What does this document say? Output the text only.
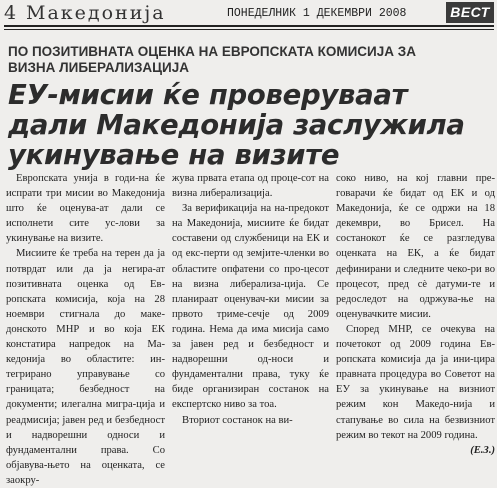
4 Македонија	ПОНЕДЕЛНИК 1 ДЕКЕМВРИ 2008	ВЕСТ
ПО ПОЗИТИВНАТА ОЦЕНКА НА ЕВРОПСКАТА КОМИСИЈА ЗА
ВИЗНА ЛИБЕРАЛИЗАЦИЈА
ЕУ-мисии ќе проверуваат
дали Македонија заслужила
укинување на визите

Европската унија в годи-на ќе испрати три мисии во Македонија што ќе оценува-ат дали се исполнети сите ус-лови за укинување на визите.

Мисиите ќе треба на терен да ја потврдат или да ја негира-ат позитивната оценка од Ев-ропската комисија, која на 28 ноември стигнала до маке-донското МНР и во која ЕК констатира напредок на Ма-кедонија во областите: ин-тегрирано управување со границата; безбедност на документи; илегална мигра-ција и реадмисија; јавен ред и безбедност и надворешни односи и фундаментални права. Со објавува-њето на оценката, се заокру-

жува првата етапа од проце-сот на визна либерализација.

За верификација на на-предокот на Македонија, мисиите ќе бидат составени од службеници на ЕК и од екс-перти од земјите-членки во областите опфатени со про-цесот на визна либерализа-ција. Се планираат оценувач-ки мисии за првото триме-сечје од 2009 година. Нема да има мисија само за јавен ред и безбедност и надворешни од-носи и фундаментални права, туку ќе биде организиран состанок на експертско ниво за тоа.

Вториот состанок на ви-

соко ниво, на кој главни пре-говарачи ќе бидат од ЕК и од Македонија, ќе се одржи на 18 декември, во Брисел. На состанокот ќе се разгледува оценката на ЕК, а ќе бидат дефинирани и следните чеко-ри во процесот, пред сè датуми-те и редоследот на одржува-ње на оценувачките мисии.

Според МНР, се очекува на почетокот од 2009 година Ев-ропската комисија да ја ини-цира правната процедура во Советот на ЕУ за укинување на визниот режим кон Македо-нија и стапување во сила на безвизниот режим во текот на 2009 година.

(Е.З.)
